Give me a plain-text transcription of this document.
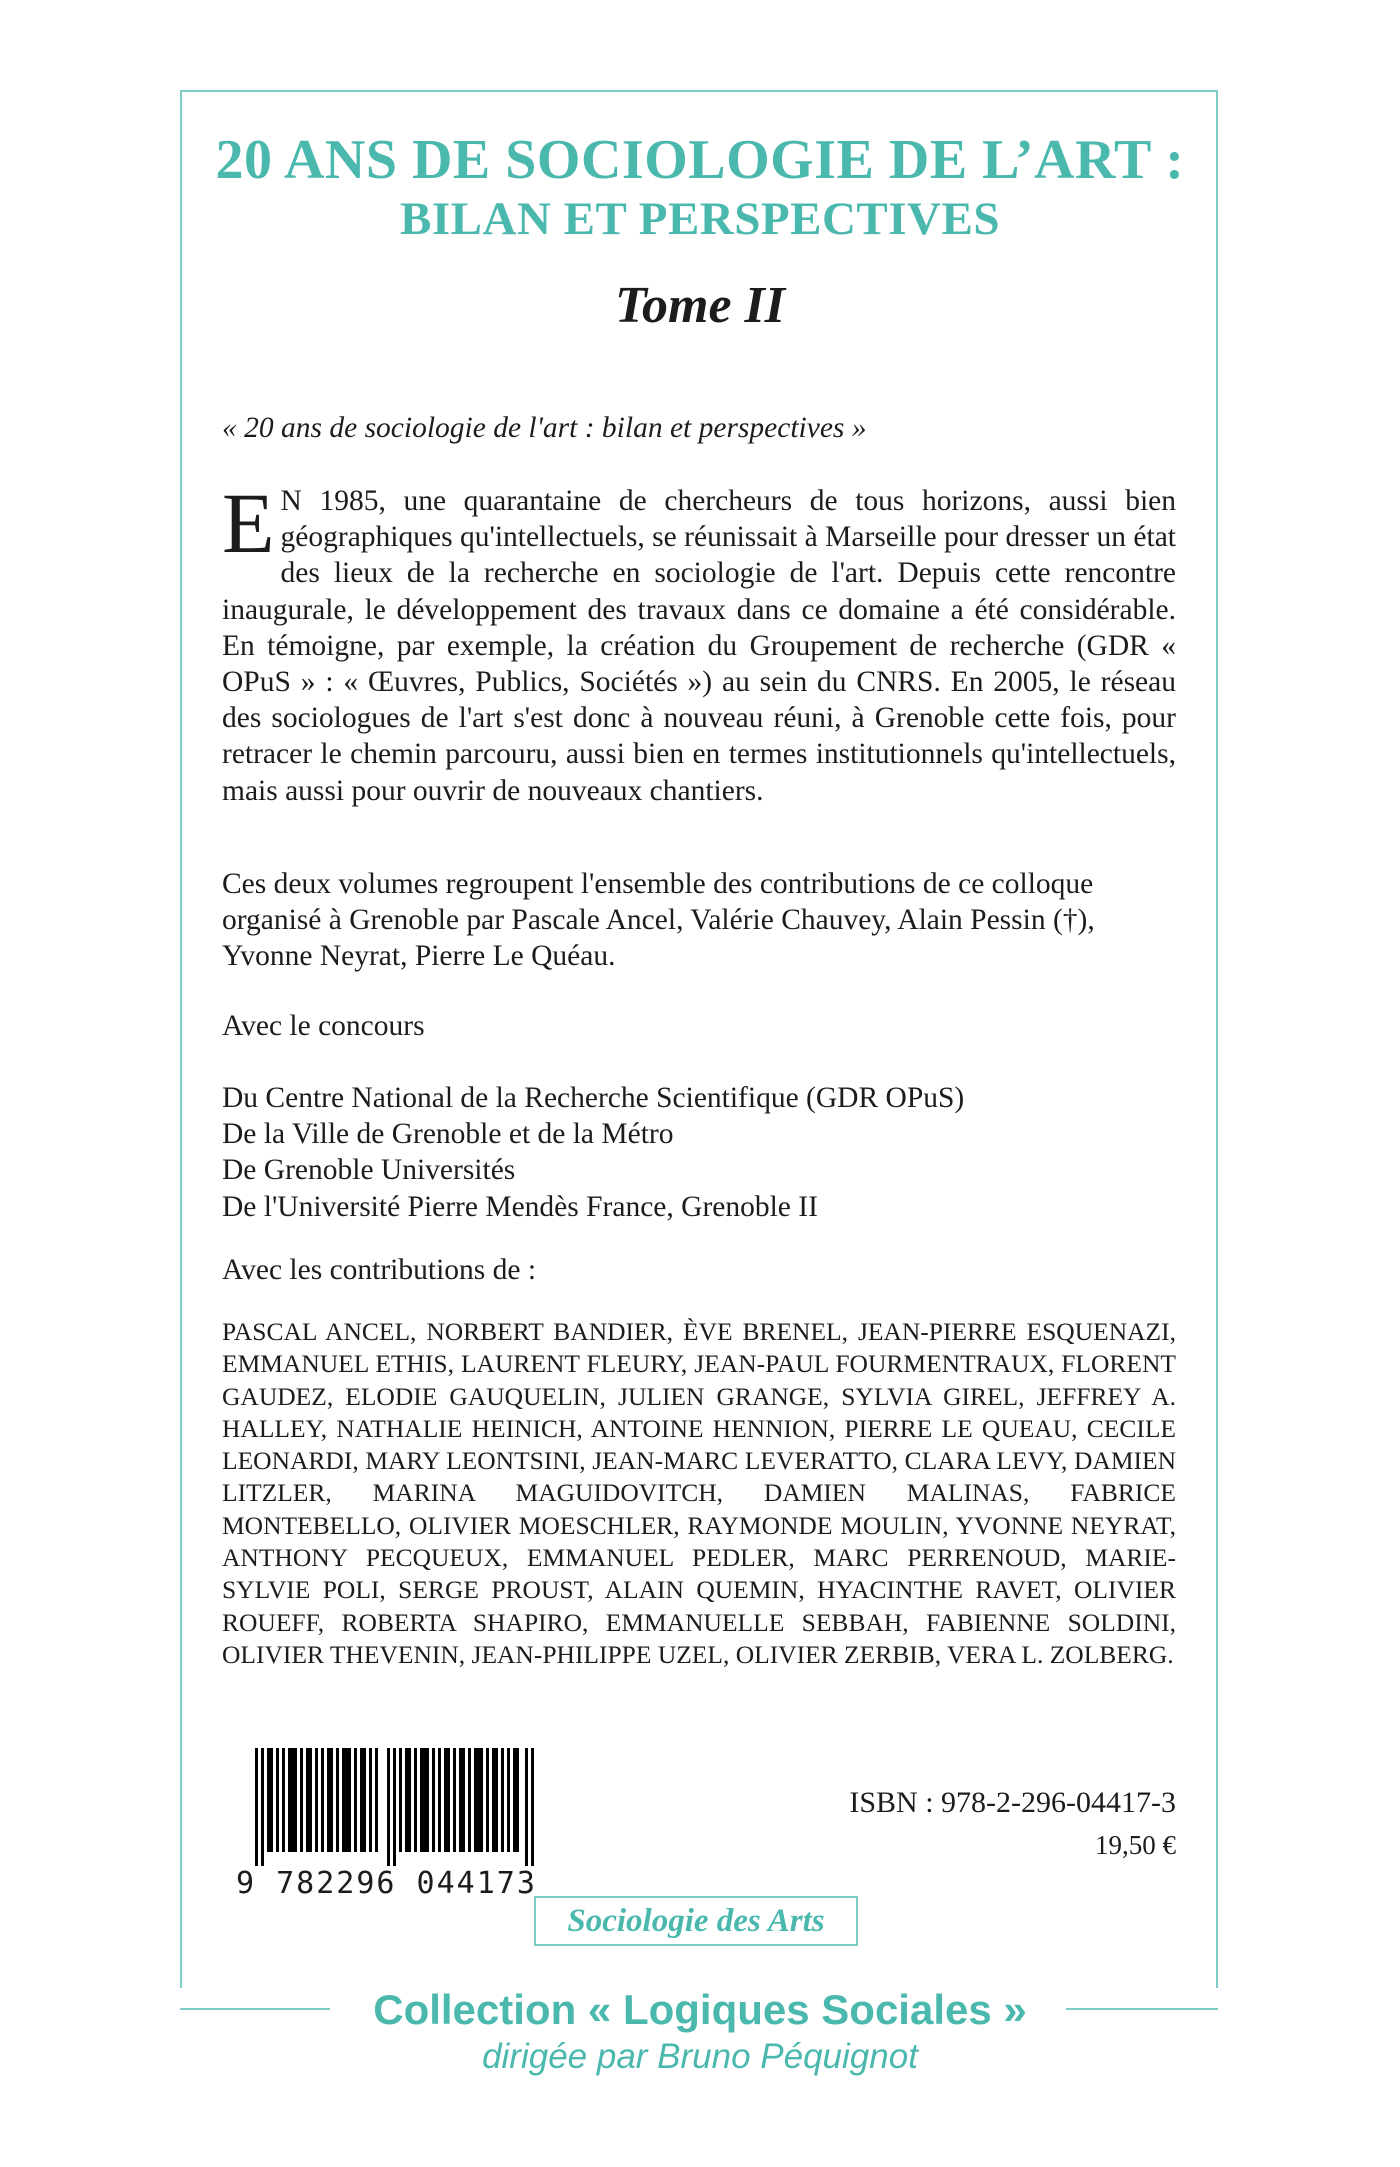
20 ANS DE SOCIOLOGIE DE L’ART :
BILAN ET PERSPECTIVES
Tome II
« 20 ans de sociologie de l'art : bilan et perspectives »
E N 1985, une quarantaine de chercheurs de tous horizons, aussi bien géographiques qu'intellectuels, se réunissait à Marseille pour dresser un état des lieux de la recherche en sociologie de l'art. Depuis cette rencontre inaugurale, le développement des travaux dans ce domaine a été considérable. En témoigne, par exemple, la création du Groupement de recherche (GDR « OPuS » : « Œuvres, Publics, Sociétés ») au sein du CNRS. En 2005, le réseau des sociologues de l'art s'est donc à nouveau réuni, à Grenoble cette fois, pour retracer le chemin parcouru, aussi bien en termes institutionnels qu'intellectuels, mais aussi pour ouvrir de nouveaux chantiers.
Ces deux volumes regroupent l'ensemble des contributions de ce colloque organisé à Grenoble par Pascale Ancel, Valérie Chauvey, Alain Pessin (†), Yvonne Neyrat, Pierre Le Quéau.
Avec le concours
Du Centre National de la Recherche Scientifique (GDR OPuS)
De la Ville de Grenoble et de la Métro
De Grenoble Universités
De l'Université Pierre Mendès France, Grenoble II
Avec les contributions de :
PASCAL ANCEL, NORBERT BANDIER, ÈVE BRENEL, JEAN-PIERRE ESQUENAZI, EMMANUEL ETHIS, LAURENT FLEURY, JEAN-PAUL FOURMENTRAUX, FLORENT GAUDEZ, ELODIE GAUQUELIN, JULIEN GRANGE, SYLVIA GIREL, JEFFREY A. HALLEY, NATHALIE HEINICH, ANTOINE HENNION, PIERRE LE QUEAU, CECILE LEONARDI, MARY LEONTSINI, JEAN-MARC LEVERATTO, CLARA LEVY, DAMIEN LITZLER, MARINA MAGUIDOVITCH, DAMIEN MALINAS, FABRICE MONTEBELLO, OLIVIER MOESCHLER, RAYMONDE MOULIN, YVONNE NEYRAT, ANTHONY PECQUEUX, EMMANUEL PEDLER, MARC PERRENOUD, MARIE-SYLVIE POLI, SERGE PROUST, ALAIN QUEMIN, HYACINTHE RAVET, OLIVIER ROUEFF, ROBERTA SHAPIRO, EMMANUELLE SEBBAH, FABIENNE SOLDINI, OLIVIER THEVENIN, JEAN-PHILIPPE UZEL, OLIVIER ZERBIB, VERA L. ZOLBERG.
9 782296 044173
ISBN : 978-2-296-04417-3
19,50 €
Sociologie des Arts
Collection « Logiques Sociales »
dirigée par Bruno Péquignot
